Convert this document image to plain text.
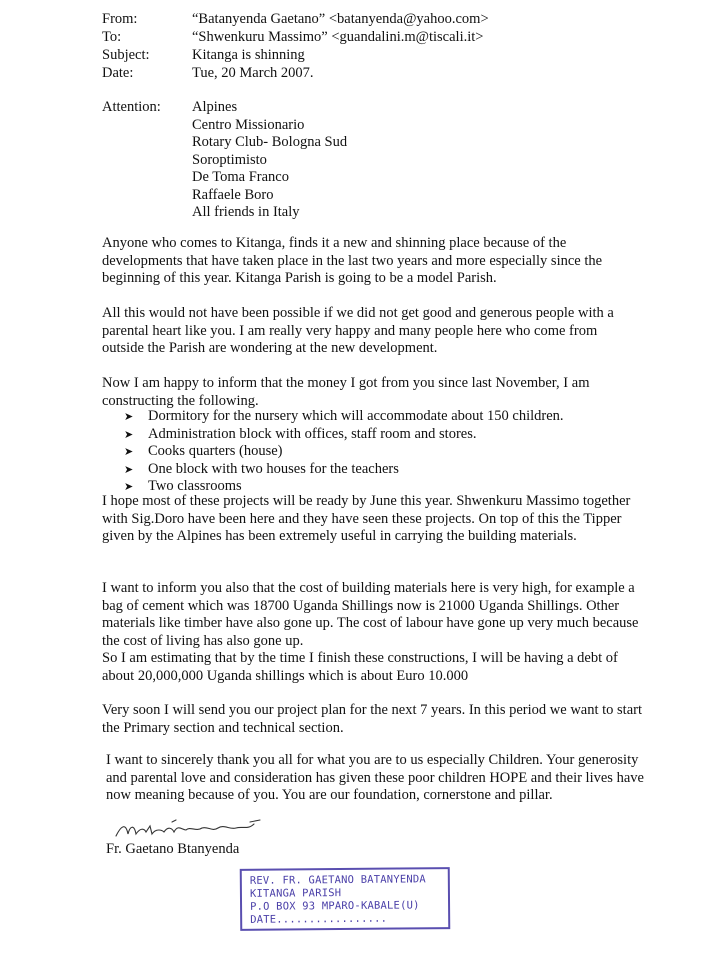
From:	“Batanyenda Gaetano” <batanyenda@yahoo.com>
To:	“Shwenkuru Massimo” <guandalini.m@tiscali.it>
Subject:	Kitanga is shinning
Date:	Tue, 20 March 2007.
Attention: Alpines
Centro Missionario
Rotary Club- Bologna Sud
Soroptimisto
De Toma Franco
Raffaele Boro
All friends in Italy

Anyone who comes to Kitanga, finds it a new and shinning place because of the developments that have taken place in the last two years and more especially since the beginning of this year. Kitanga Parish is going to be a model Parish.

All this would not have been possible if we did not get good and generous people with a parental heart like you. I am really very happy and many people here who come from outside the Parish are wondering at the new development.

Now I am happy to inform that the money I got from you since last November, I am constructing the following.

➤ Dormitory for the nursery which will accommodate about 150 children.
➤ Administration block with offices, staff room and stores.
➤ Cooks quarters (house)
➤ One block with two houses for the teachers
➤ Two classrooms

I hope most of these projects will be ready by June this year. Shwenkuru Massimo together with Sig.Doro have been here and they have seen these projects. On top of this the Tipper given by the Alpines has been extremely useful in carrying the building materials.

I want to inform you also that the cost of building materials here is very high, for example a bag of cement which was 18700 Uganda Shillings now is 21000 Uganda Shillings. Other materials like timber have also gone up. The cost of labour have gone up very much because the cost of living has also gone up.

So I am estimating that by the time I finish these constructions, I will be having a debt of about 20,000,000 Uganda shillings which is about Euro 10.000

Very soon I will send you our project plan for the next 7 years. In this period we want to start the Primary section and technical section.

I want to sincerely thank you all for what you are to us especially Children. Your generosity and parental love and consideration has given these poor children HOPE and their lives have now meaning because of you. You are our foundation, cornerstone and pillar.

Fr. Gaetano Btanyenda
REV. FR. GAETANO BATANYENDA
KITANGA PARISH
P.O BOX 93 MPARO-KABALE(U)
DATE.................
